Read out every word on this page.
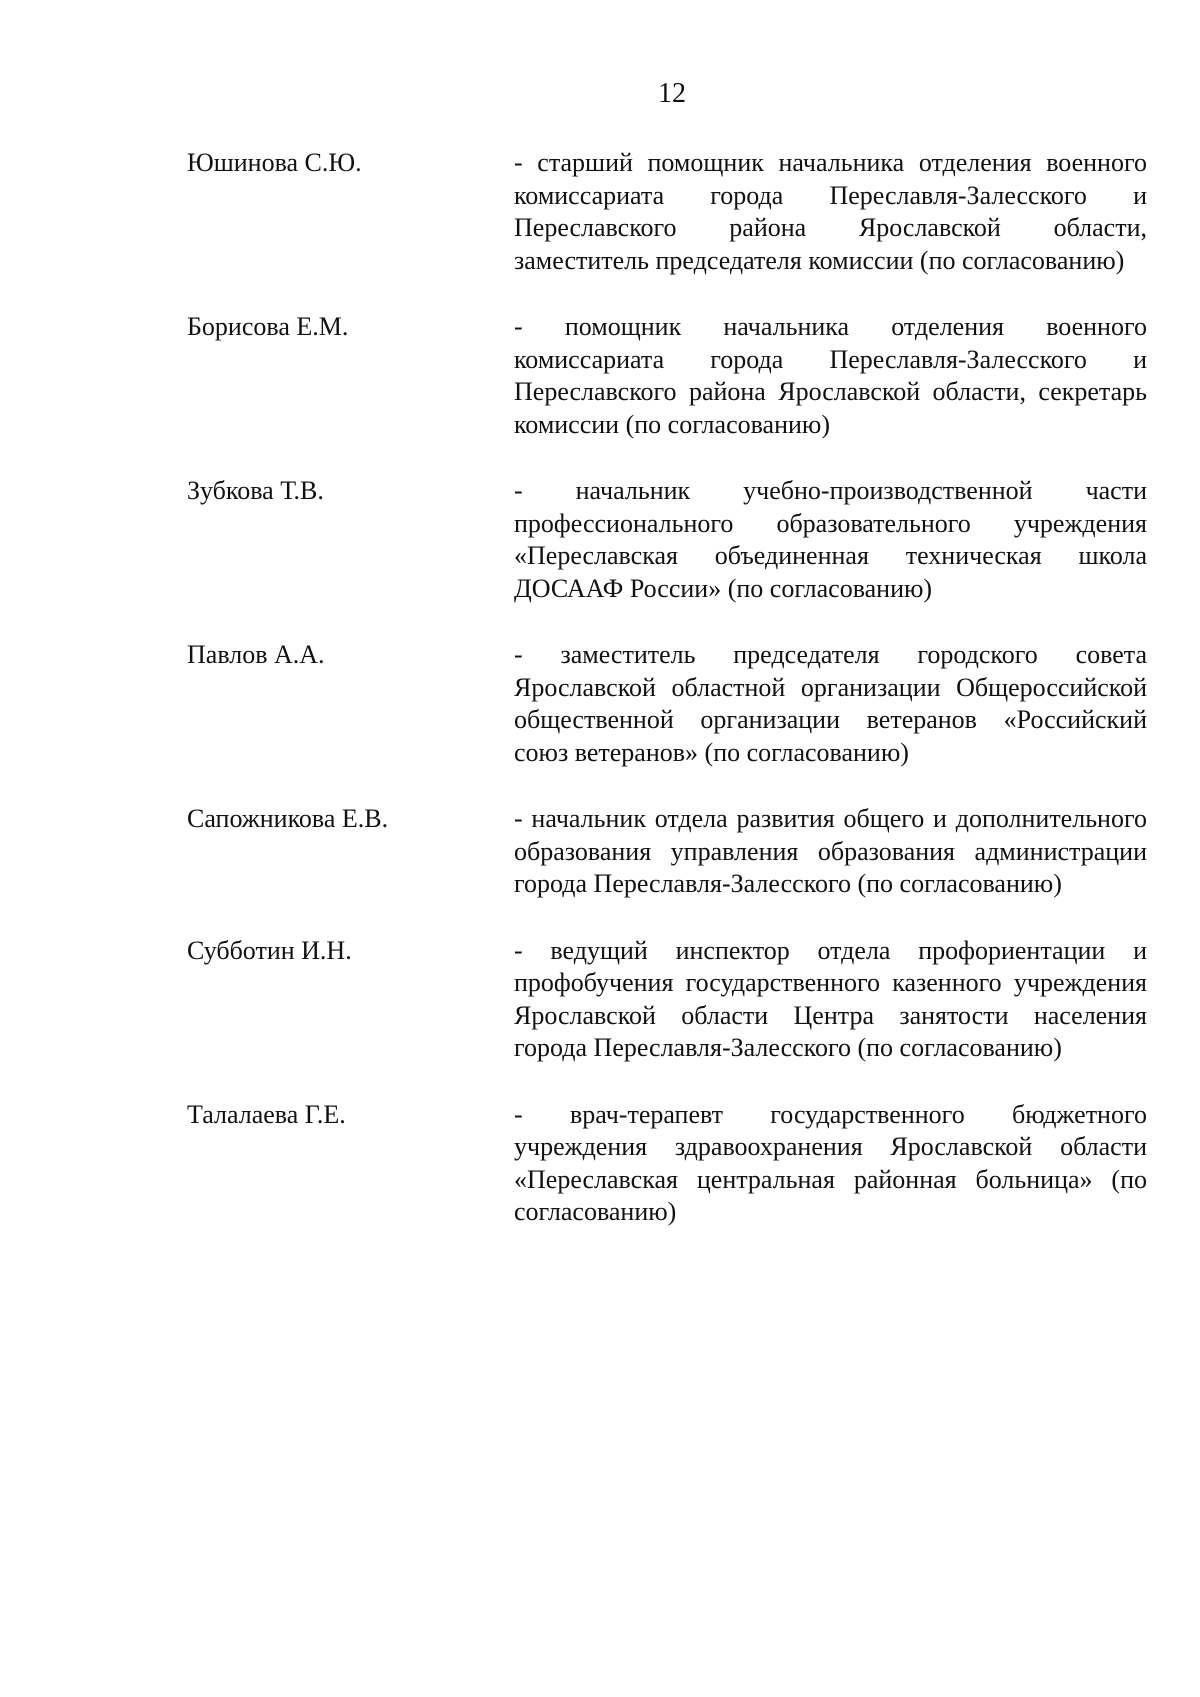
12
Юшинова С.Ю.	- старший помощник начальника отделения военного комиссариата города Переславля-Залесского и Переславского района Ярославской области, заместитель председателя комиссии (по согласованию)
Борисова Е.М.	- помощник начальника отделения военного комиссариата города Переславля-Залесского и Переславского района Ярославской области, секретарь комиссии (по согласованию)
Зубкова Т.В.	- начальник учебно-производственной части профессионального образовательного учреждения «Переславская объединенная техническая школа ДОСААФ России» (по согласованию)
Павлов А.А.	- заместитель председателя городского совета Ярославской областной организации Общероссийской общественной организации ветеранов «Российский союз ветеранов» (по согласованию)
Сапожникова Е.В.	- начальник отдела развития общего и дополнительного образования управления образования администрации города Переславля-Залесского (по согласованию)
Субботин И.Н.	- ведущий инспектор отдела профориентации и профобучения государственного казенного учреждения Ярославской области Центра занятости населения города Переславля-Залесского (по согласованию)
Талалаева Г.Е.	- врач-терапевт государственного бюджетного учреждения здравоохранения Ярославской области «Переславская центральная районная больница» (по согласованию)
